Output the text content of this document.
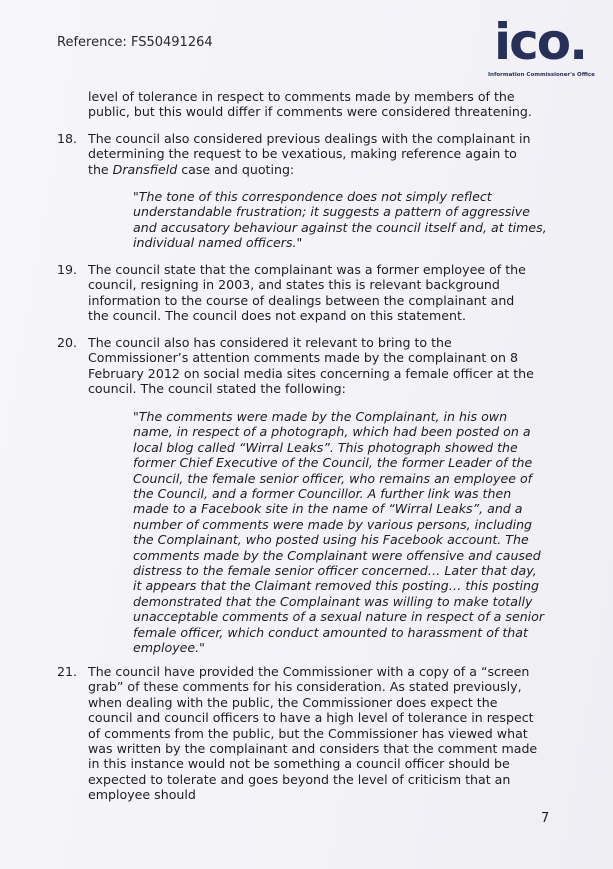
Reference: FS50491264	ico.
Information Commissioner's Office
level of tolerance in respect to comments made by members of the public, but this would differ if comments were considered threatening.
18. The council also considered previous dealings with the complainant in determining the request to be vexatious, making reference again to the Dransfield case and quoting:
"The tone of this correspondence does not simply reflect understandable frustration; it suggests a pattern of aggressive and accusatory behaviour against the council itself and, at times, individual named officers."
19. The council state that the complainant was a former employee of the council, resigning in 2003, and states this is relevant background information to the course of dealings between the complainant and the council. The council does not expand on this statement.
20. The council also has considered it relevant to bring to the Commissioner’s attention comments made by the complainant on 8 February 2012 on social media sites concerning a female officer at the council. The council stated the following:
"The comments were made by the Complainant, in his own name, in respect of a photograph, which had been posted on a local blog called “Wirral Leaks”. This photograph showed the former Chief Executive of the Council, the former Leader of the Council, the female senior officer, who remains an employee of the Council, and a former Councillor. A further link was then made to a Facebook site in the name of “Wirral Leaks”, and a number of comments were made by various persons, including the Complainant, who posted using his Facebook account. The comments made by the Complainant were offensive and caused distress to the female senior officer concerned… Later that day, it appears that the Claimant removed this posting… this posting demonstrated that the Complainant was willing to make totally unacceptable comments of a sexual nature in respect of a senior female officer, which conduct amounted to harassment of that employee."
21. The council have provided the Commissioner with a copy of a “screen grab” of these comments for his consideration. As stated previously, when dealing with the public, the Commissioner does expect the council and council officers to have a high level of tolerance in respect of comments from the public, but the Commissioner has viewed what was written by the complainant and considers that the comment made in this instance would not be something a council officer should be expected to tolerate and goes beyond the level of criticism that an employee should
7
